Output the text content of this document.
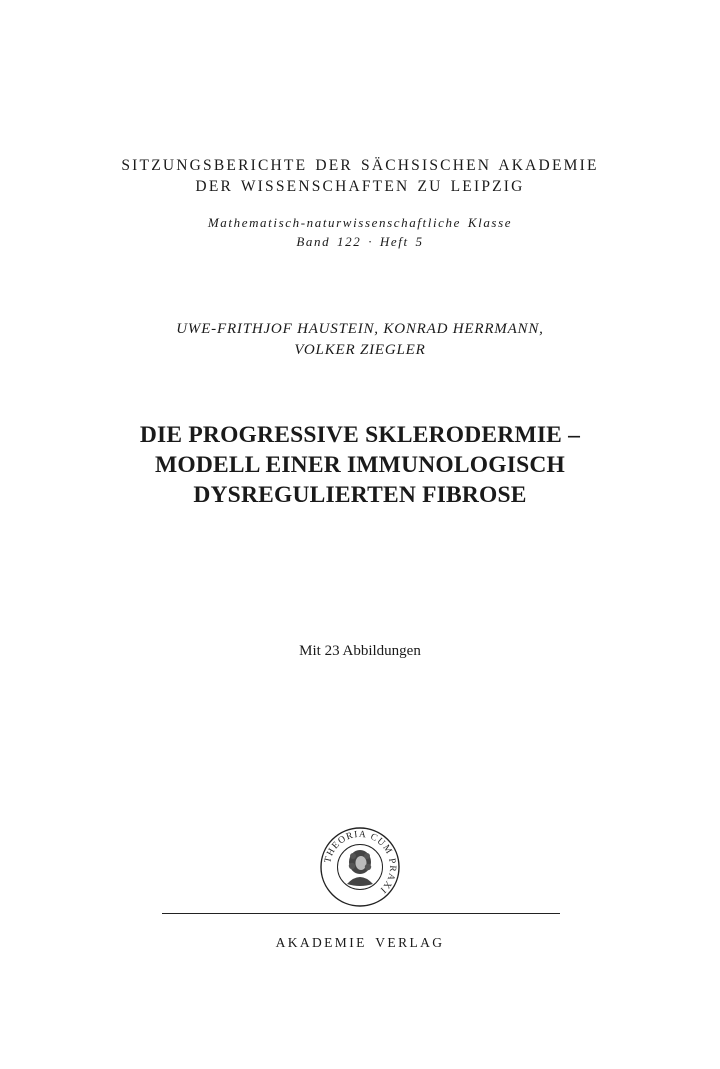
SITZUNGSBERICHTE DER SÄCHSISCHEN AKADEMIE
DER WISSENSCHAFTEN ZU LEIPZIG
Mathematisch-naturwissenschaftliche Klasse
Band 122 · Heft 5
UWE-FRITHJOF HAUSTEIN, KONRAD HERRMANN,
VOLKER ZIEGLER
DIE PROGRESSIVE SKLERODERMIE –
MODELL EINER IMMUNOLOGISCH
DYSREGULIERTEN FIBROSE
Mit 23 Abbildungen
THEORIA CUM PRAXI
AKADEMIE VERLAG
